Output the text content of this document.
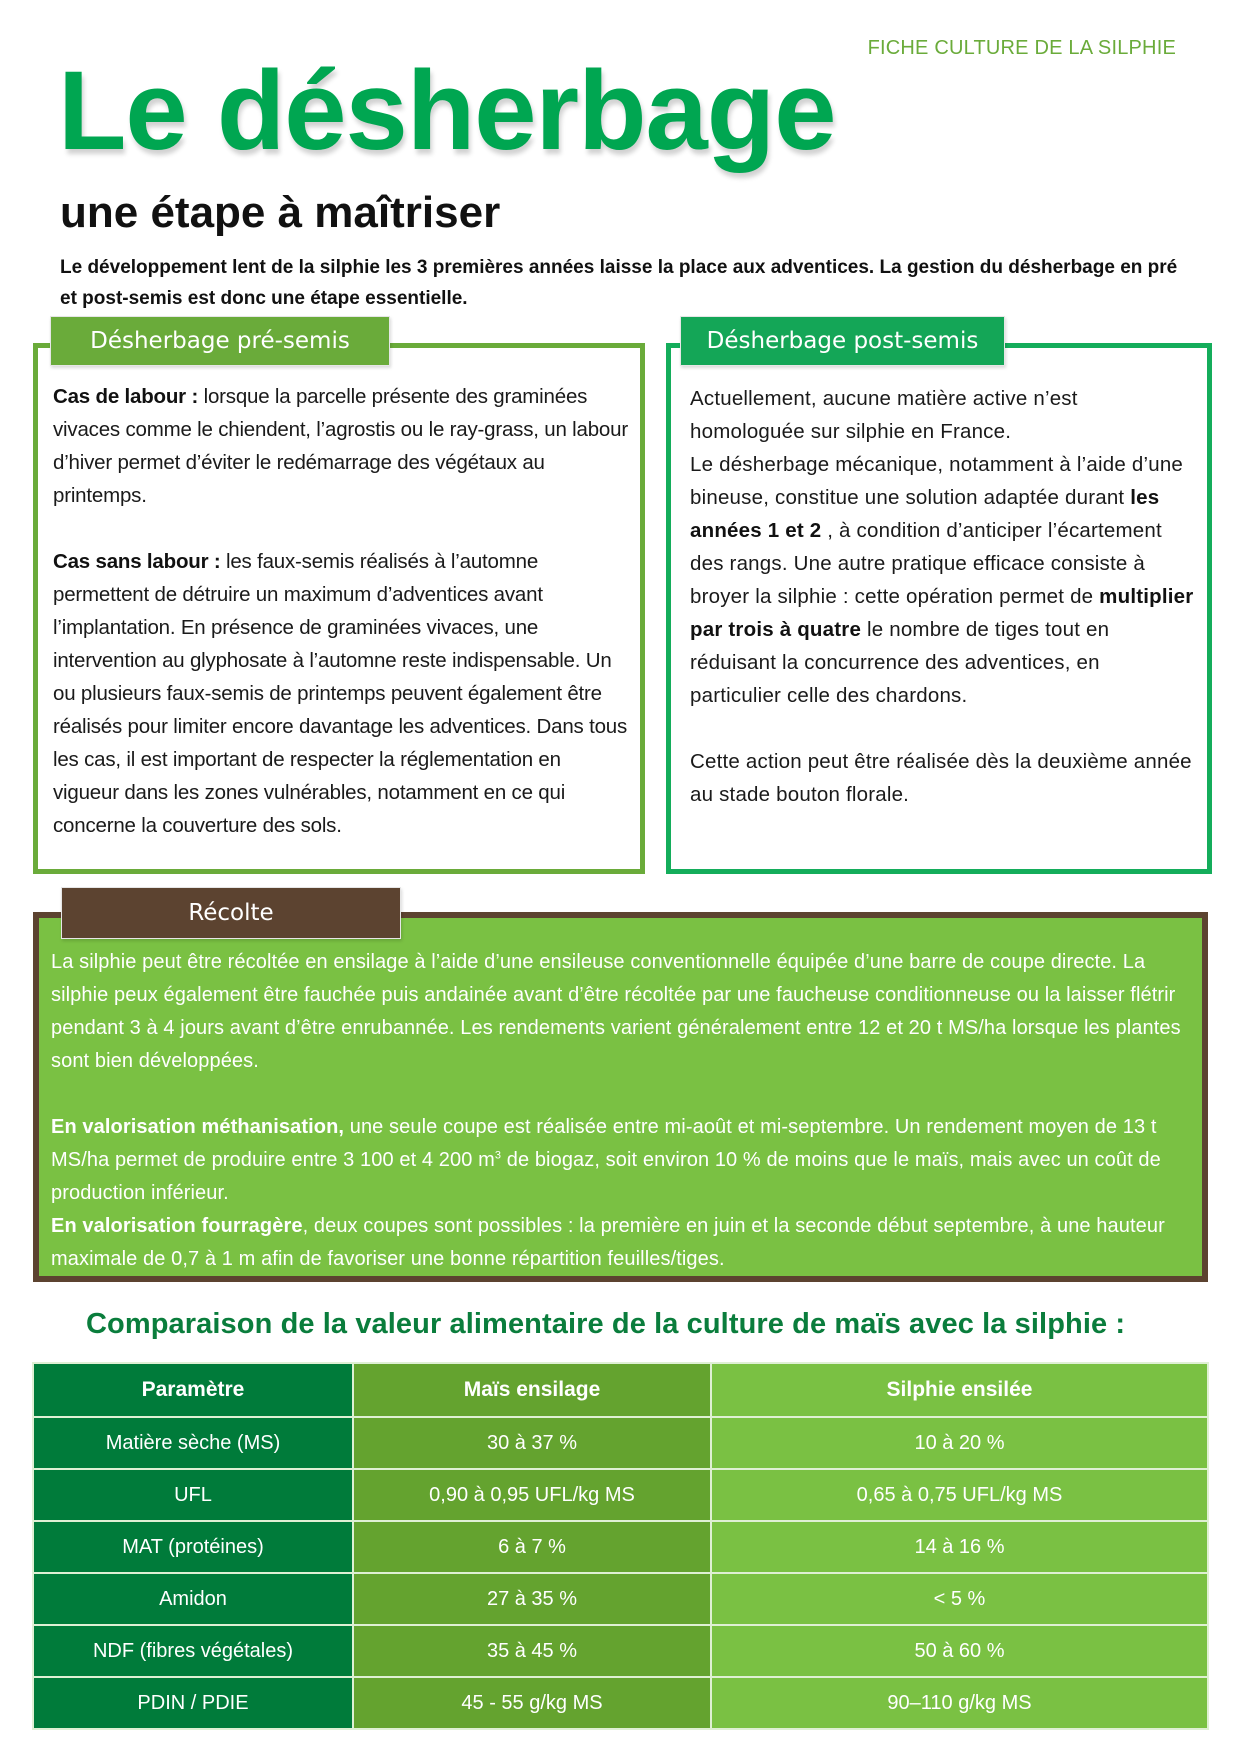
FICHE CULTURE DE LA SILPHIE
Le désherbage
une étape à maîtriser

Le développement lent de la silphie les 3 premières années laisse la place aux adventices. La gestion du désherbage en pré et post-semis est donc une étape essentielle.

Cas de labour : lorsque la parcelle présente des graminées vivaces comme le chiendent, l’agrostis ou le ray-grass, un labour d’hiver permet d’éviter le redémarrage des végétaux au printemps.

Cas sans labour : les faux-semis réalisés à l’automne permettent de détruire un maximum d’adventices avant l’implantation. En présence de graminées vivaces, une intervention au glyphosate à l’automne reste indispensable. Un ou plusieurs faux-semis de printemps peuvent également être réalisés pour limiter encore davantage les adventices. Dans tous les cas, il est important de respecter la réglementation en vigueur dans les zones vulnérables, notamment en ce qui concerne la couverture des sols.

Désherbage pré-semis

Actuellement, aucune matière active n’est homologuée sur silphie en France.

Le désherbage mécanique, notamment à l’aide d’une bineuse, constitue une solution adaptée durant les années 1 et 2 , à condition d’anticiper l’écartement des rangs. Une autre pratique efficace consiste à broyer la silphie : cette opération permet de multiplier par trois à quatre le nombre de tiges tout en réduisant la concurrence des adventices, en particulier celle des chardons.

Cette action peut être réalisée dès la deuxième année au stade bouton florale.

Désherbage post-semis

La silphie peut être récoltée en ensilage à l’aide d’une ensileuse conventionnelle équipée d’une barre de coupe directe. La silphie peux également être fauchée puis andainée avant d’être récoltée par une faucheuse conditionneuse ou la laisser flétrir pendant 3 à 4 jours avant d’être enrubannée. Les rendements varient généralement entre 12 et 20 t MS/ha lorsque les plantes sont bien développées.

En valorisation méthanisation, une seule coupe est réalisée entre mi-août et mi-septembre. Un rendement moyen de 13 t MS/ha permet de produire entre 3 100 et 4 200 $m^3$ de biogaz, soit environ 10 % de moins que le maïs, mais avec un coût de production inférieur.

En valorisation fourragère, deux coupes sont possibles : la première en juin et la seconde début septembre, à une hauteur maximale de 0,7 à 1 m afin de favoriser une bonne répartition feuilles/tiges.

Récolte
Comparaison de la valeur alimentaire de la culture de maïs avec la silphie :
Paramètre	Maïs ensilage	Silphie ensilée
Matière sèche (MS)	30 à 37 %	10 à 20 %
UFL	0,90 à 0,95 UFL/kg MS	0,65 à 0,75 UFL/kg MS
MAT (protéines)	6 à 7 %	14 à 16 %
Amidon	27 à 35 %	< 5 %
NDF (fibres végétales)	35 à 45 %	50 à 60 %
PDIN / PDIE	45 - 55 g/kg MS	90–110 g/kg MS
